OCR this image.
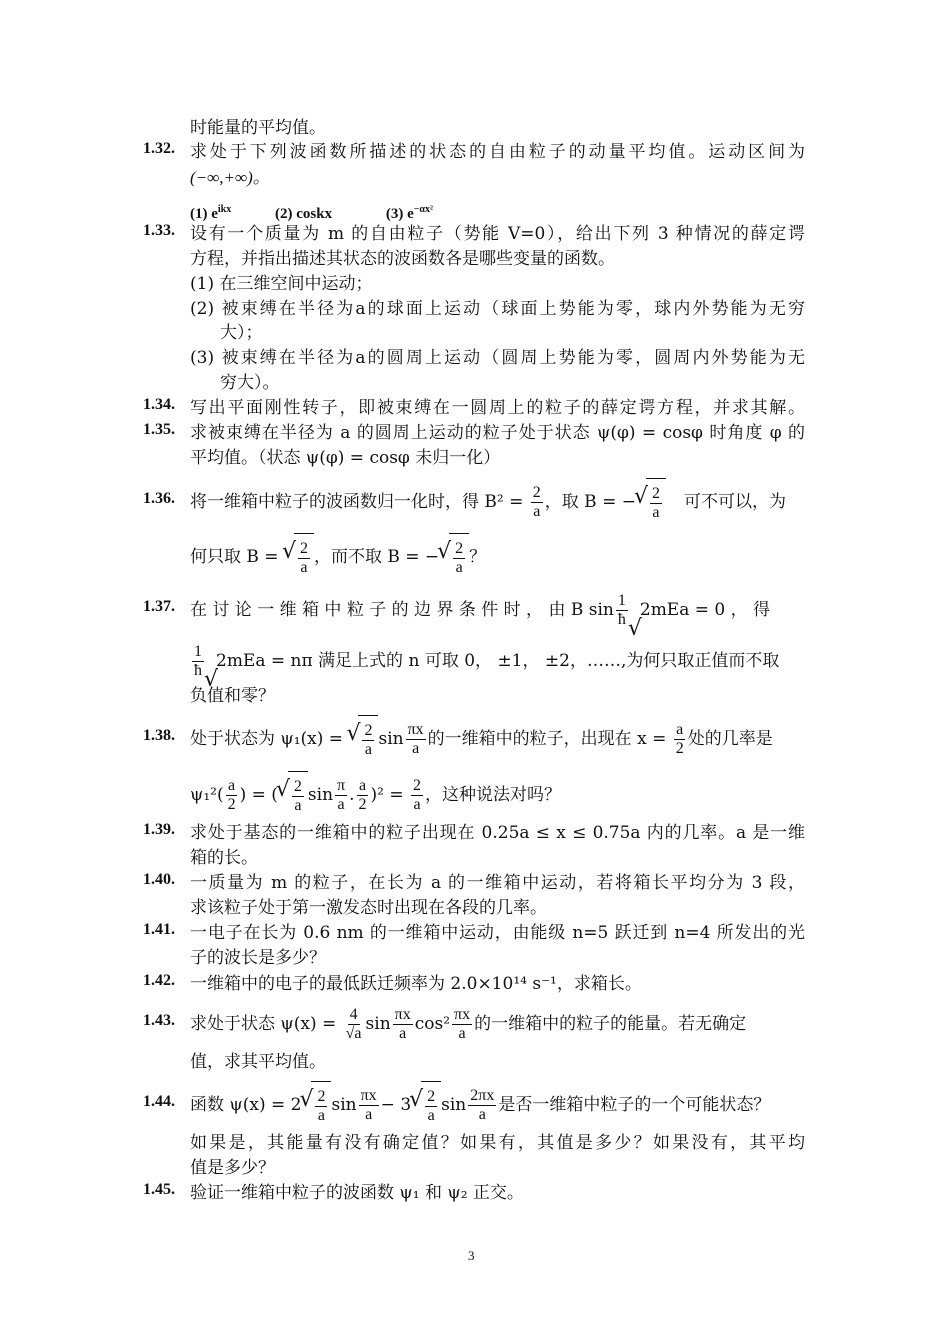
时能量的平均值。
1.32. 求处于下列波函数所描述的状态的自由粒子的动量平均值。运动区间为
(−∞,+∞)。
(1) $e^{ikx}$	(2) coskx	(3) $e^{-\alpha x^2}$
1.33. 设有一个质量为 m 的自由粒子（势能 V=0），给出下列 3 种情况的薛定谔
方程，并指出描述其状态的波函数各是哪些变量的函数。
(1) 在三维空间中运动；
(2) 被束缚在半径为a的球面上运动（球面上势能为零，球内外势能为无穷
大）；
(3) 被束缚在半径为a的圆周上运动（圆周上势能为零，圆周内外势能为无
穷大）。
1.34. 写出平面刚性转子，即被束缚在一圆周上的粒子的薛定谔方程，并求其解。
1.35. 求被束缚在半径为 a 的圆周上运动的粒子处于状态 ψ(φ) = cosφ 时角度 φ 的
平均值。（状态 ψ(φ) = cosφ 未归一化）
1.36. 将一维箱中粒子的波函数归一化时，得 $B^2 = \frac{2}{a}$ ，取 B = − √ $\frac{2}{a}$ 可不可以，为
何只取 B = √ $\frac{2}{a}$ ，而不取 B = − √ $\frac{2}{a}$ ？
1.37. 在 讨 论 一 维 箱 中 粒 子 的 边 界 条 件 时 ， 由 B $\sin \frac{1}{ħ} 2mEa = 0$ ， 得
$\frac{1}{ħ} 2mEa = n\pi$ 满足上式的 n 可取 0， ±1， ±2，……,为何只取正值而不取
负值和零？
1.38. 处于状态为 ψ₁(x) = √ $\frac{2}{a}$ $\sin \frac{\pi x}{a}$ 的一维箱中的粒子，出现在 $x = \frac{a}{2}$ 处的几率是
$\psi_1^2( \frac{a}{2}$ ) = ( √ $\frac{2}{a}$ $\sin \frac{\pi}{a}$ . $\frac{a}{2} )^2 = \frac{2}{a}$ ，这种说法对吗？
1.39. 求处于基态的一维箱中的粒子出现在 0.25a ≤ x ≤ 0.75a 内的几率。a 是一维
箱的长。
1.40. 一质量为 m 的粒子，在长为 a 的一维箱中运动，若将箱长平均分为 3 段，
求该粒子处于第一激发态时出现在各段的几率。
1.41. 一电子在长为 0.6 nm 的一维箱中运动，由能级 n=5 跃迁到 n=4 所发出的光
子的波长是多少？
1.42. 一维箱中的电子的最低跃迁频率为 2.0×10¹⁴ s⁻¹，求箱长。
1.43. 求处于状态 $\psi(x) = \frac{4}{√a}$ $\sin \frac{\pi x}{a} \cos^2 \frac{\pi x}{a}$ 的一维箱中的粒子的能量。若无确定
值，求其平均值。
1.44. 函数 ψ(x) = 2 √ $\frac{2}{a}$ $\sin \frac{\pi x}{a} - 3$ √ $\frac{2}{a}$ $\sin \frac{2\pi x}{a}$ 是否一维箱中粒子的一个可能状态？
如果是，其能量有没有确定值？如果有，其值是多少？如果没有，其平均
值是多少？
1.45. 验证一维箱中粒子的波函数 ψ₁ 和 ψ₂ 正交。
3
